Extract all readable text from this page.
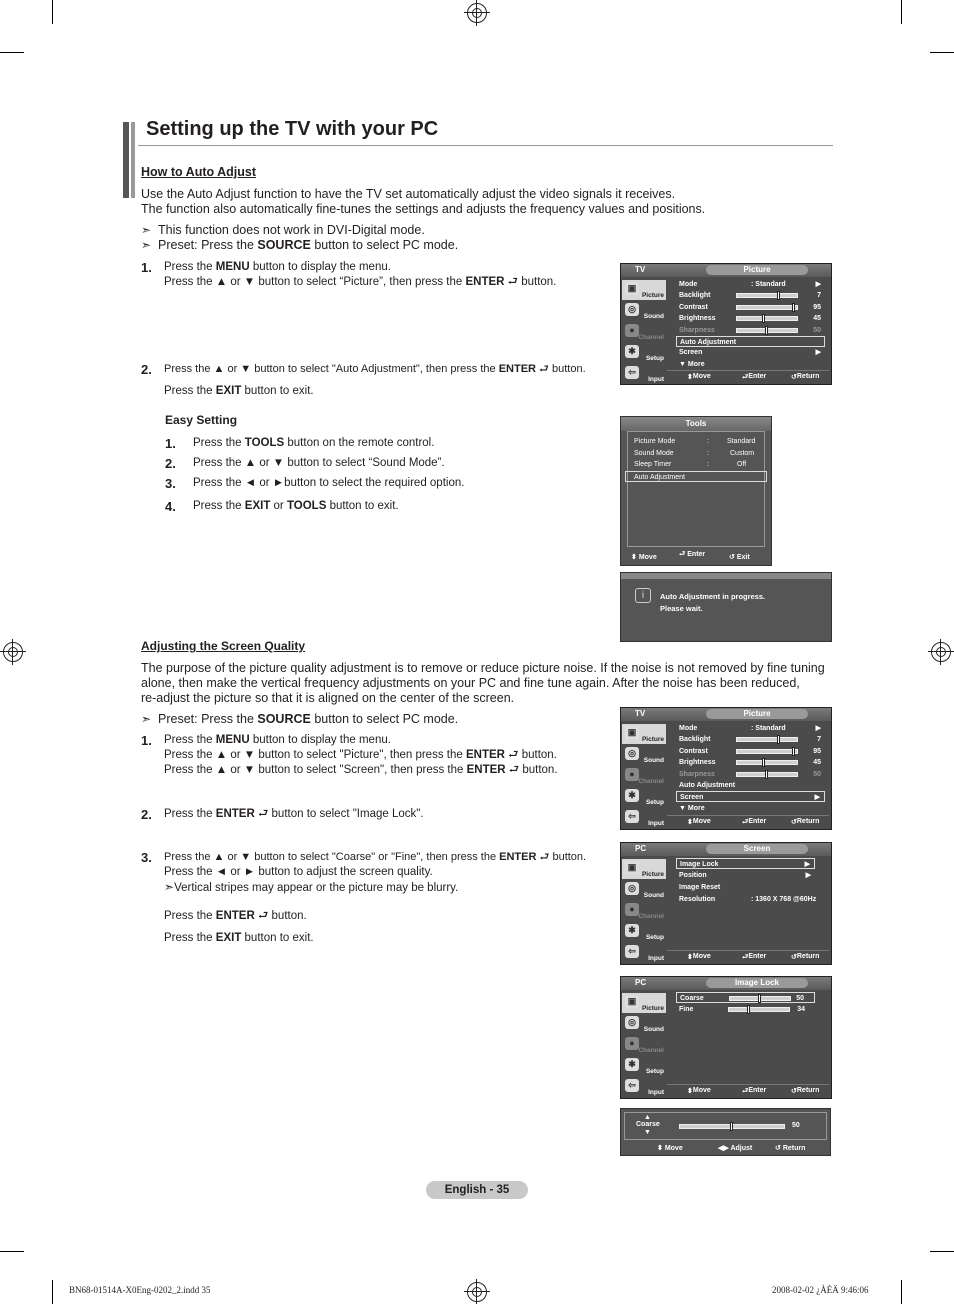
Setting up the TV with your PC
How to Auto Adjust
Use the Auto Adjust function to have the TV set automatically adjust the video signals it receives.
The function also automatically fine-tunes the settings and adjusts the frequency values and positions.
➣ This function does not work in DVI-Digital mode.
➣ Preset: Press the SOURCE button to select PC mode.
1. Press the MENU button to display the menu.
Press the ▲ or ▼ button to select “Picture”, then press the ENTER ⮐ button.
2. Press the ▲ or ▼ button to select "Auto Adjustment", then press the ENTER ⮐ button.
Press the EXIT button to exit.
Easy Setting
1. Press the TOOLS button on the remote control.
2. Press the ▲ or ▼ button to select “Sound Mode”.
3. Press the ◄ or ►button to select the required option.
4. Press the EXIT or TOOLS button to exit.
TV	Picture
▣
Picture
◎
Sound
●
Channel
✱
Setup
⇦
Input
Mode	: Standard	▶
Backlight	7
Contrast	95
Brightness	45
Sharpness	50
Auto Adjustment
Screen	▶
▼ More
⬍ Move	⮐ Enter	↺ Return
Tools
Picture Mode	:	Standard
Sound Mode	:	Custom
Sleep Timer	:	Off
Auto Adjustment
⬍ Move	⮐ Enter	↺ Exit
i	Auto Adjustment in progress.
Please wait.
Adjusting the Screen Quality
The purpose of the picture quality adjustment is to remove or reduce picture noise. If the noise is not removed by fine tuning
alone, then make the vertical frequency adjustments on your PC and fine tune again. After the noise has been reduced,
re-adjust the picture so that it is aligned on the center of the screen.
➣ Preset: Press the SOURCE button to select PC mode.
1. Press the MENU button to display the menu.
Press the ▲ or ▼ button to select "Picture", then press the ENTER ⮐ button.
Press the ▲ or ▼ button to select "Screen", then press the ENTER ⮐ button.
2. Press the ENTER ⮐ button to select "Image Lock".
3. Press the ▲ or ▼ button to select "Coarse" or "Fine", then press the ENTER ⮐ button.
Press the ◄ or ► button to adjust the screen quality.
➣Vertical stripes may appear or the picture may be blurry.
Press the ENTER ⮐ button.
Press the EXIT button to exit.
TV	Picture
▣
Picture
◎
Sound
●
Channel
✱
Setup
⇦
Input
Mode	: Standard	▶
Backlight	7
Contrast	95
Brightness	45
Sharpness	50
Auto Adjustment
Screen	▶
▼ More
⬍ Move	⮐ Enter	↺ Return
PC	Screen
▣
Picture
◎
Sound
●
Channel
✱
Setup
⇦
Input
Image Lock	▶
Position	▶
Image Reset
Resolution	: 1360 X 768 @60Hz
⬍ Move	⮐ Enter	↺ Return
PC	Image Lock
▣
Picture
◎
Sound
●
Channel
✱
Setup
⇦
Input
Coarse	50
Fine	34
⬍ Move	⮐ Enter	↺ Return
▲
Coarse
▼
50
⬍ Move	◀▶ Adjust	↺ Return
English - 35
BN68-01514A-X0Eng-0202_2.indd 35	2008-02-02 ¿ÀÈÄ 9:46:06
